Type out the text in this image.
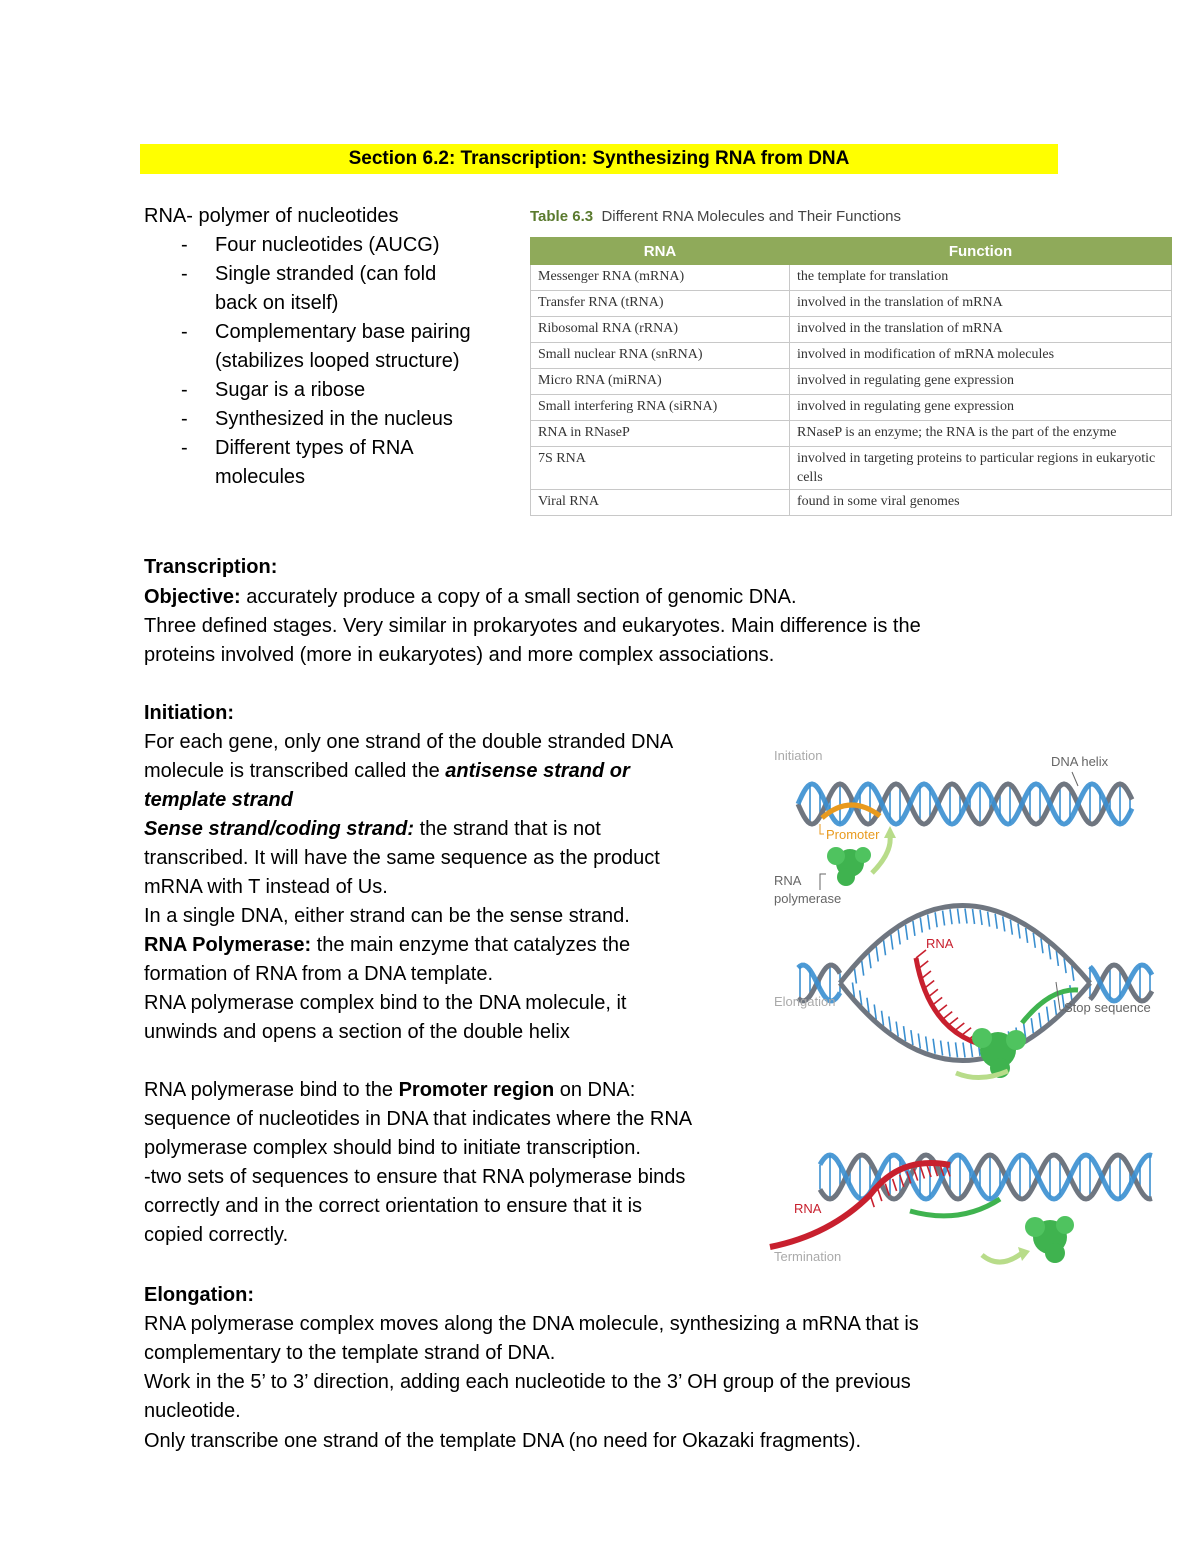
Section 6.2: Transcription: Synthesizing RNA from DNA
RNA- polymer of nucleotides
- Four nucleotides (AUCG)
- Single stranded (can fold
back on itself)
- Complementary base pairing
(stabilizes looped structure)
- Sugar is a ribose
- Synthesized in the nucleus
- Different types of RNA
molecules
Table 6.3 Different RNA Molecules and Their Functions
RNA	Function
Messenger RNA (mRNA)	the template for translation
Transfer RNA (tRNA)	involved in the translation of mRNA
Ribosomal RNA (rRNA)	involved in the translation of mRNA
Small nuclear RNA (snRNA)	involved in modification of mRNA molecules
Micro RNA (miRNA)	involved in regulating gene expression
Small interfering RNA (siRNA)	involved in regulating gene expression
RNA in RNaseP	RNaseP is an enzyme; the RNA is the part of the enzyme
7S RNA	involved in targeting proteins to particular regions in eukaryotic cells
Viral RNA	found in some viral genomes
Transcription:
Objective: accurately produce a copy of a small section of genomic DNA.
Three defined stages. Very similar in prokaryotes and eukaryotes. Main difference is the
proteins involved (more in eukaryotes) and more complex associations.
Initiation:
For each gene, only one strand of the double stranded DNA
molecule is transcribed called the antisense strand or
template strand
Sense strand/coding strand: the strand that is not
transcribed. It will have the same sequence as the product
mRNA with T instead of Us.
In a single DNA, either strand can be the sense strand.
RNA Polymerase: the main enzyme that catalyzes the
formation of RNA from a DNA template.
RNA polymerase complex bind to the DNA molecule, it
unwinds and opens a section of the double helix
RNA polymerase bind to the Promoter region on DNA:
sequence of nucleotides in DNA that indicates where the RNA
polymerase complex should bind to initiate transcription.
-two sets of sequences to ensure that RNA polymerase binds
correctly and in the correct orientation to ensure that it is
copied correctly.
Elongation:
RNA polymerase complex moves along the DNA molecule, synthesizing a mRNA that is
complementary to the template strand of DNA.
Work in the 5’ to 3’ direction, adding each nucleotide to the 3’ OH group of the previous
nucleotide.
Only transcribe one strand of the template DNA (no need for Okazaki fragments).
Initiation	DNA helix
Promoter
RNA
polymerase
RNA
Elongation	Stop sequence
RNA
Termination
